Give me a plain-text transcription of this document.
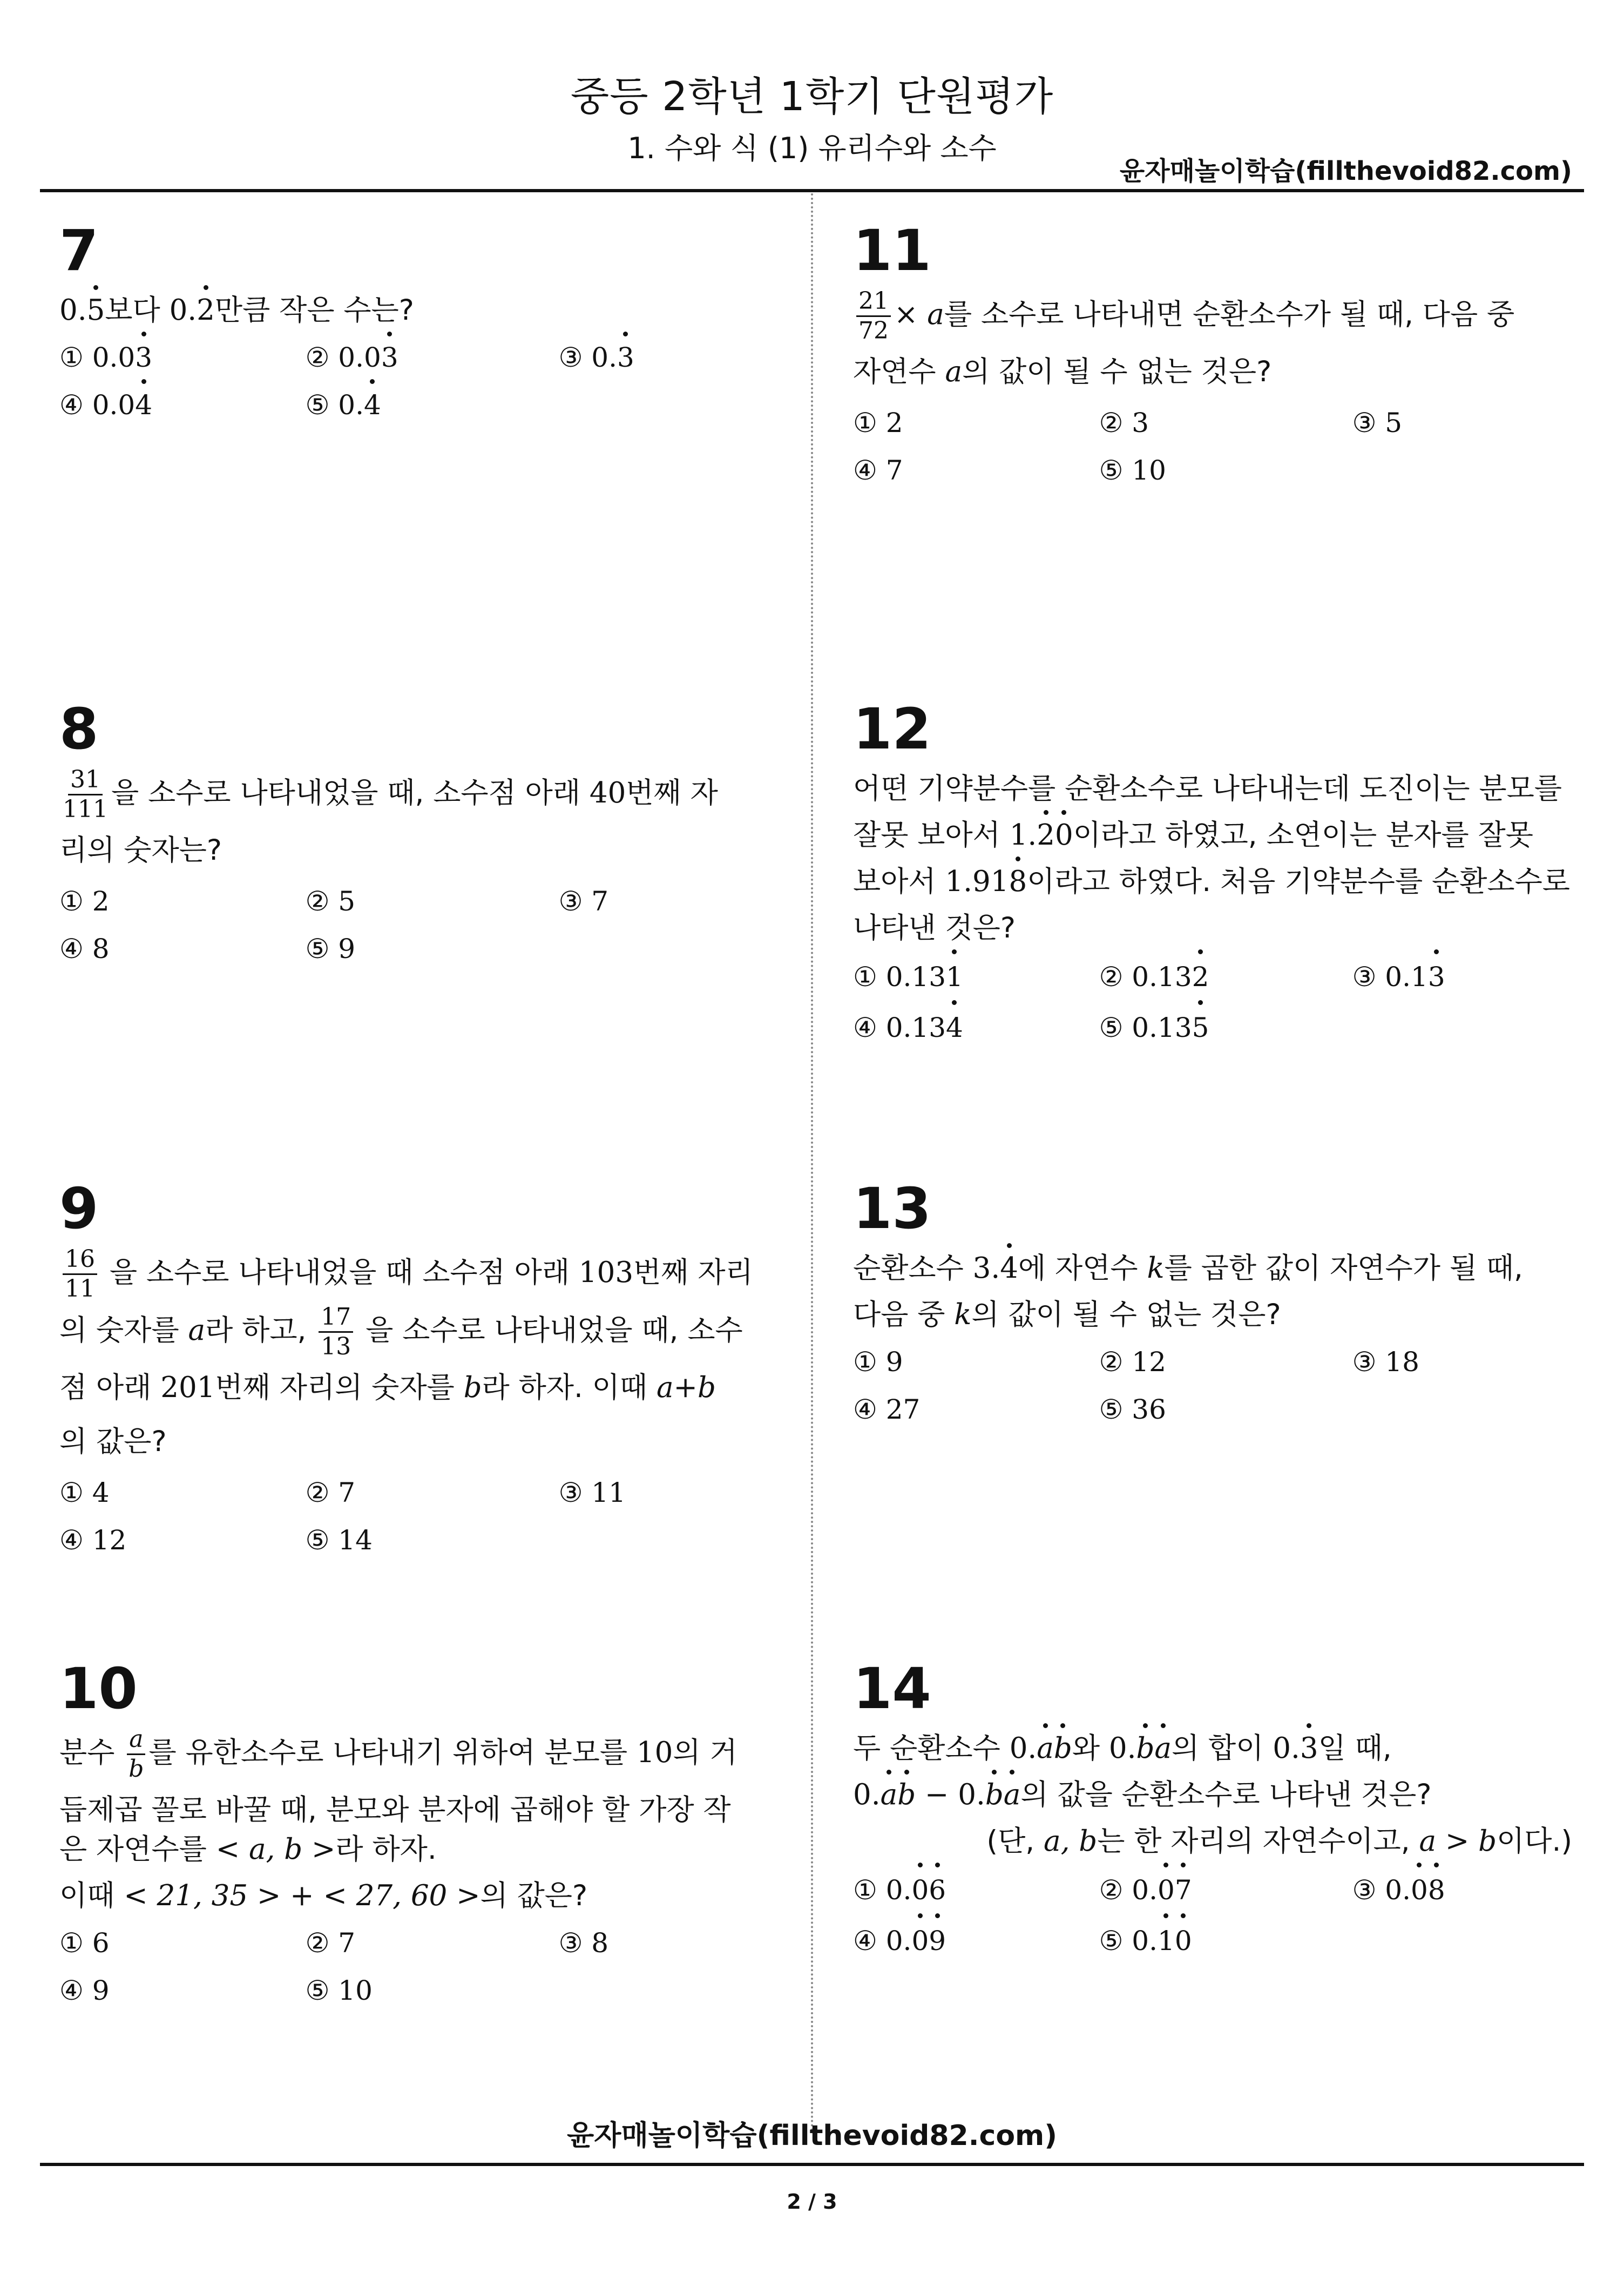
중등 2학년 1학기 단원평가
1. 수와 식 (1) 유리수와 소수
윤자매놀이학습(fillthevoid82.com)
7
0.5보다 0.2만큼 작은 수는?
① 0.03	② 0.03	③ 0.3
④ 0.04	⑤ 0.4
8
$\frac{31}{111}$ 을 소수로 나타내었을 때, 소수점 아래 40번째 자
리의 숫자는?
① 2	② 5	③ 7
④ 8	⑤ 9
9
$\frac{16}{11}$ 을 소수로 나타내었을 때 소수점 아래 103번째 자리
의 숫자를 a라 하고, $\frac{17}{13}$ 을 소수로 나타내었을 때, 소수
점 아래 201번째 자리의 숫자를 b라 하자. 이때 a+b
의 값은?
① 4	② 7	③ 11
④ 12	⑤ 14
10
분수 $\frac{a}{b}$ 를 유한소수로 나타내기 위하여 분모를 10의 거
듭제곱 꼴로 바꿀 때, 분모와 분자에 곱해야 할 가장 작

은 자연수를 < a, b >라 하자.
이때 < 21, 35 > + < 27, 60 >의 값은?
① 6	② 7	③ 8
④ 9	⑤ 10
11
$\frac{21}{72} \times a$를 소수로 나타내면 순환소수가 될 때, 다음 중
자연수 a의 값이 될 수 없는 것은?
① 2	② 3	③ 5
④ 7	⑤ 10
12
어떤 기약분수를 순환소수로 나타내는데 도진이는 분모를
잘못 보아서 1.20이라고 하였고, 소연이는 분자를 잘못
보아서 1.918이라고 하였다. 처음 기약분수를 순환소수로
나타낸 것은?
① 0.131	② 0.132	③ 0.13
④ 0.134	⑤ 0.135
13
순환소수 3.4에 자연수 k를 곱한 값이 자연수가 될 때,
다음 중 k의 값이 될 수 없는 것은?
① 9	② 12	③ 18
④ 27	⑤ 36
14
두 순환소수 0.ab와 0.ba의 합이 0.3일 때,
0.ab − 0.ba의 값을 순환소수로 나타낸 것은?

(단, a, b는 한 자리의 자연수이고, a > b이다.)
① 0.06	② 0.07	③ 0.08
④ 0.09	⑤ 0.10
윤자매놀이학습(fillthevoid82.com)
2 / 3
